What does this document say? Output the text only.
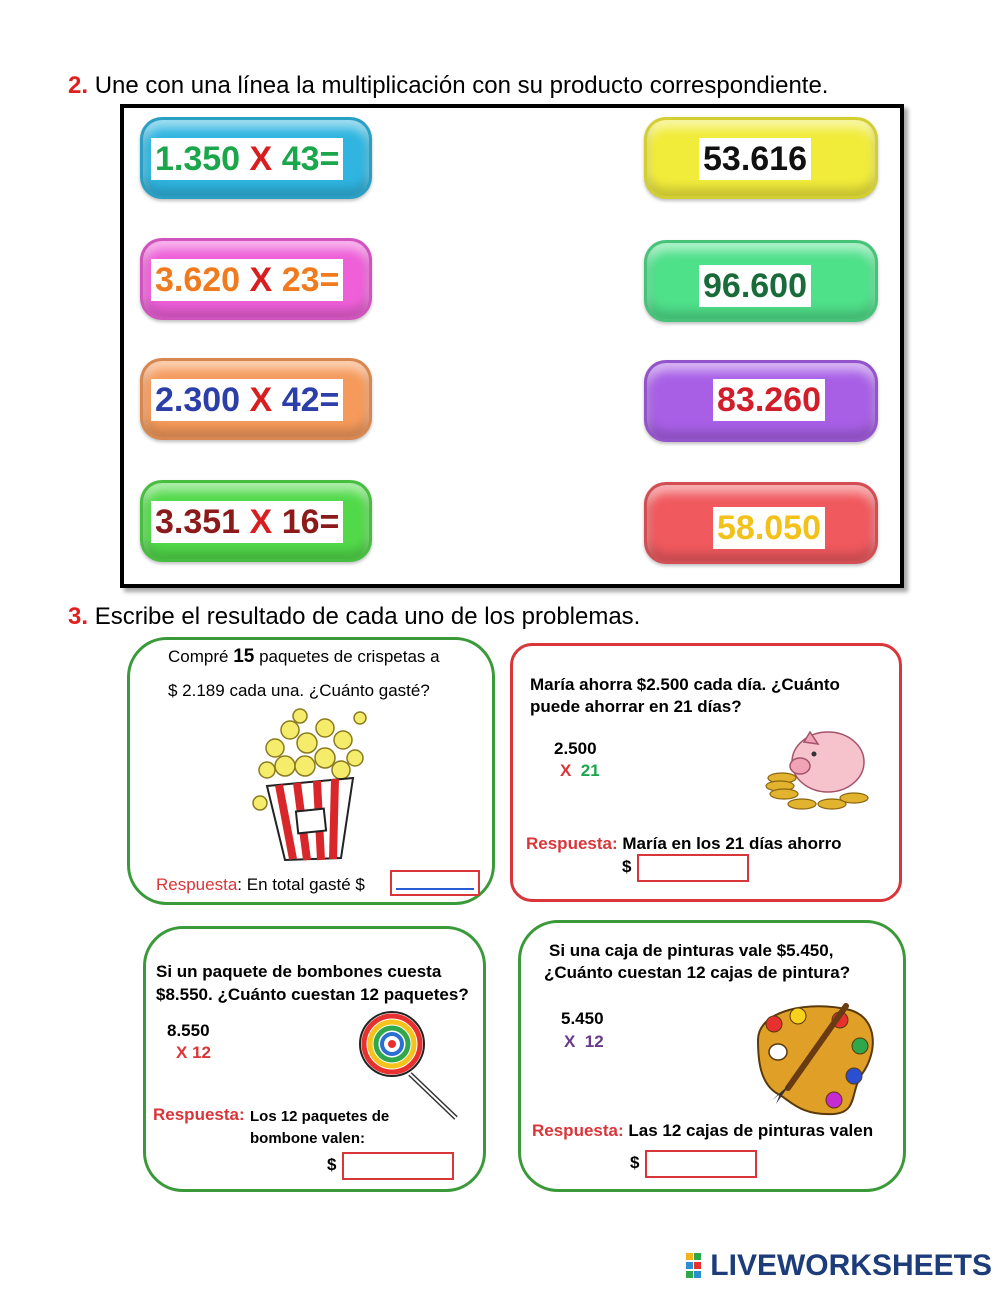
2. Une con una línea la multiplicación con su producto correspondiente.
1.350 X 43=
3.620 X 23=
2.300 X 42=
3.351 X 16=
53.616
96.600
83.260
58.050
3. Escribe el resultado de cada uno de los problemas.
Compré 15 paquetes de crispetas a
$ 2.189 cada una. ¿Cuánto gasté?
Respuesta: En total gasté $
María ahorra $2.500 cada día. ¿Cuánto
puede ahorrar en 21 días?
2.500
X 21
Respuesta: María en los 21 días ahorro
$
Si un paquete de bombones cuesta
$8.550. ¿Cuánto cuestan 12 paquetes?
8.550
X 12
Respuesta: Los 12 paquetes de
bombone valen:
$
Si una caja de pinturas vale $5.450,
¿Cuánto cuestan 12 cajas de pintura?
5.450
X 12
Respuesta: Las 12 cajas de pinturas valen
$
LIVEWORKSHEETS
